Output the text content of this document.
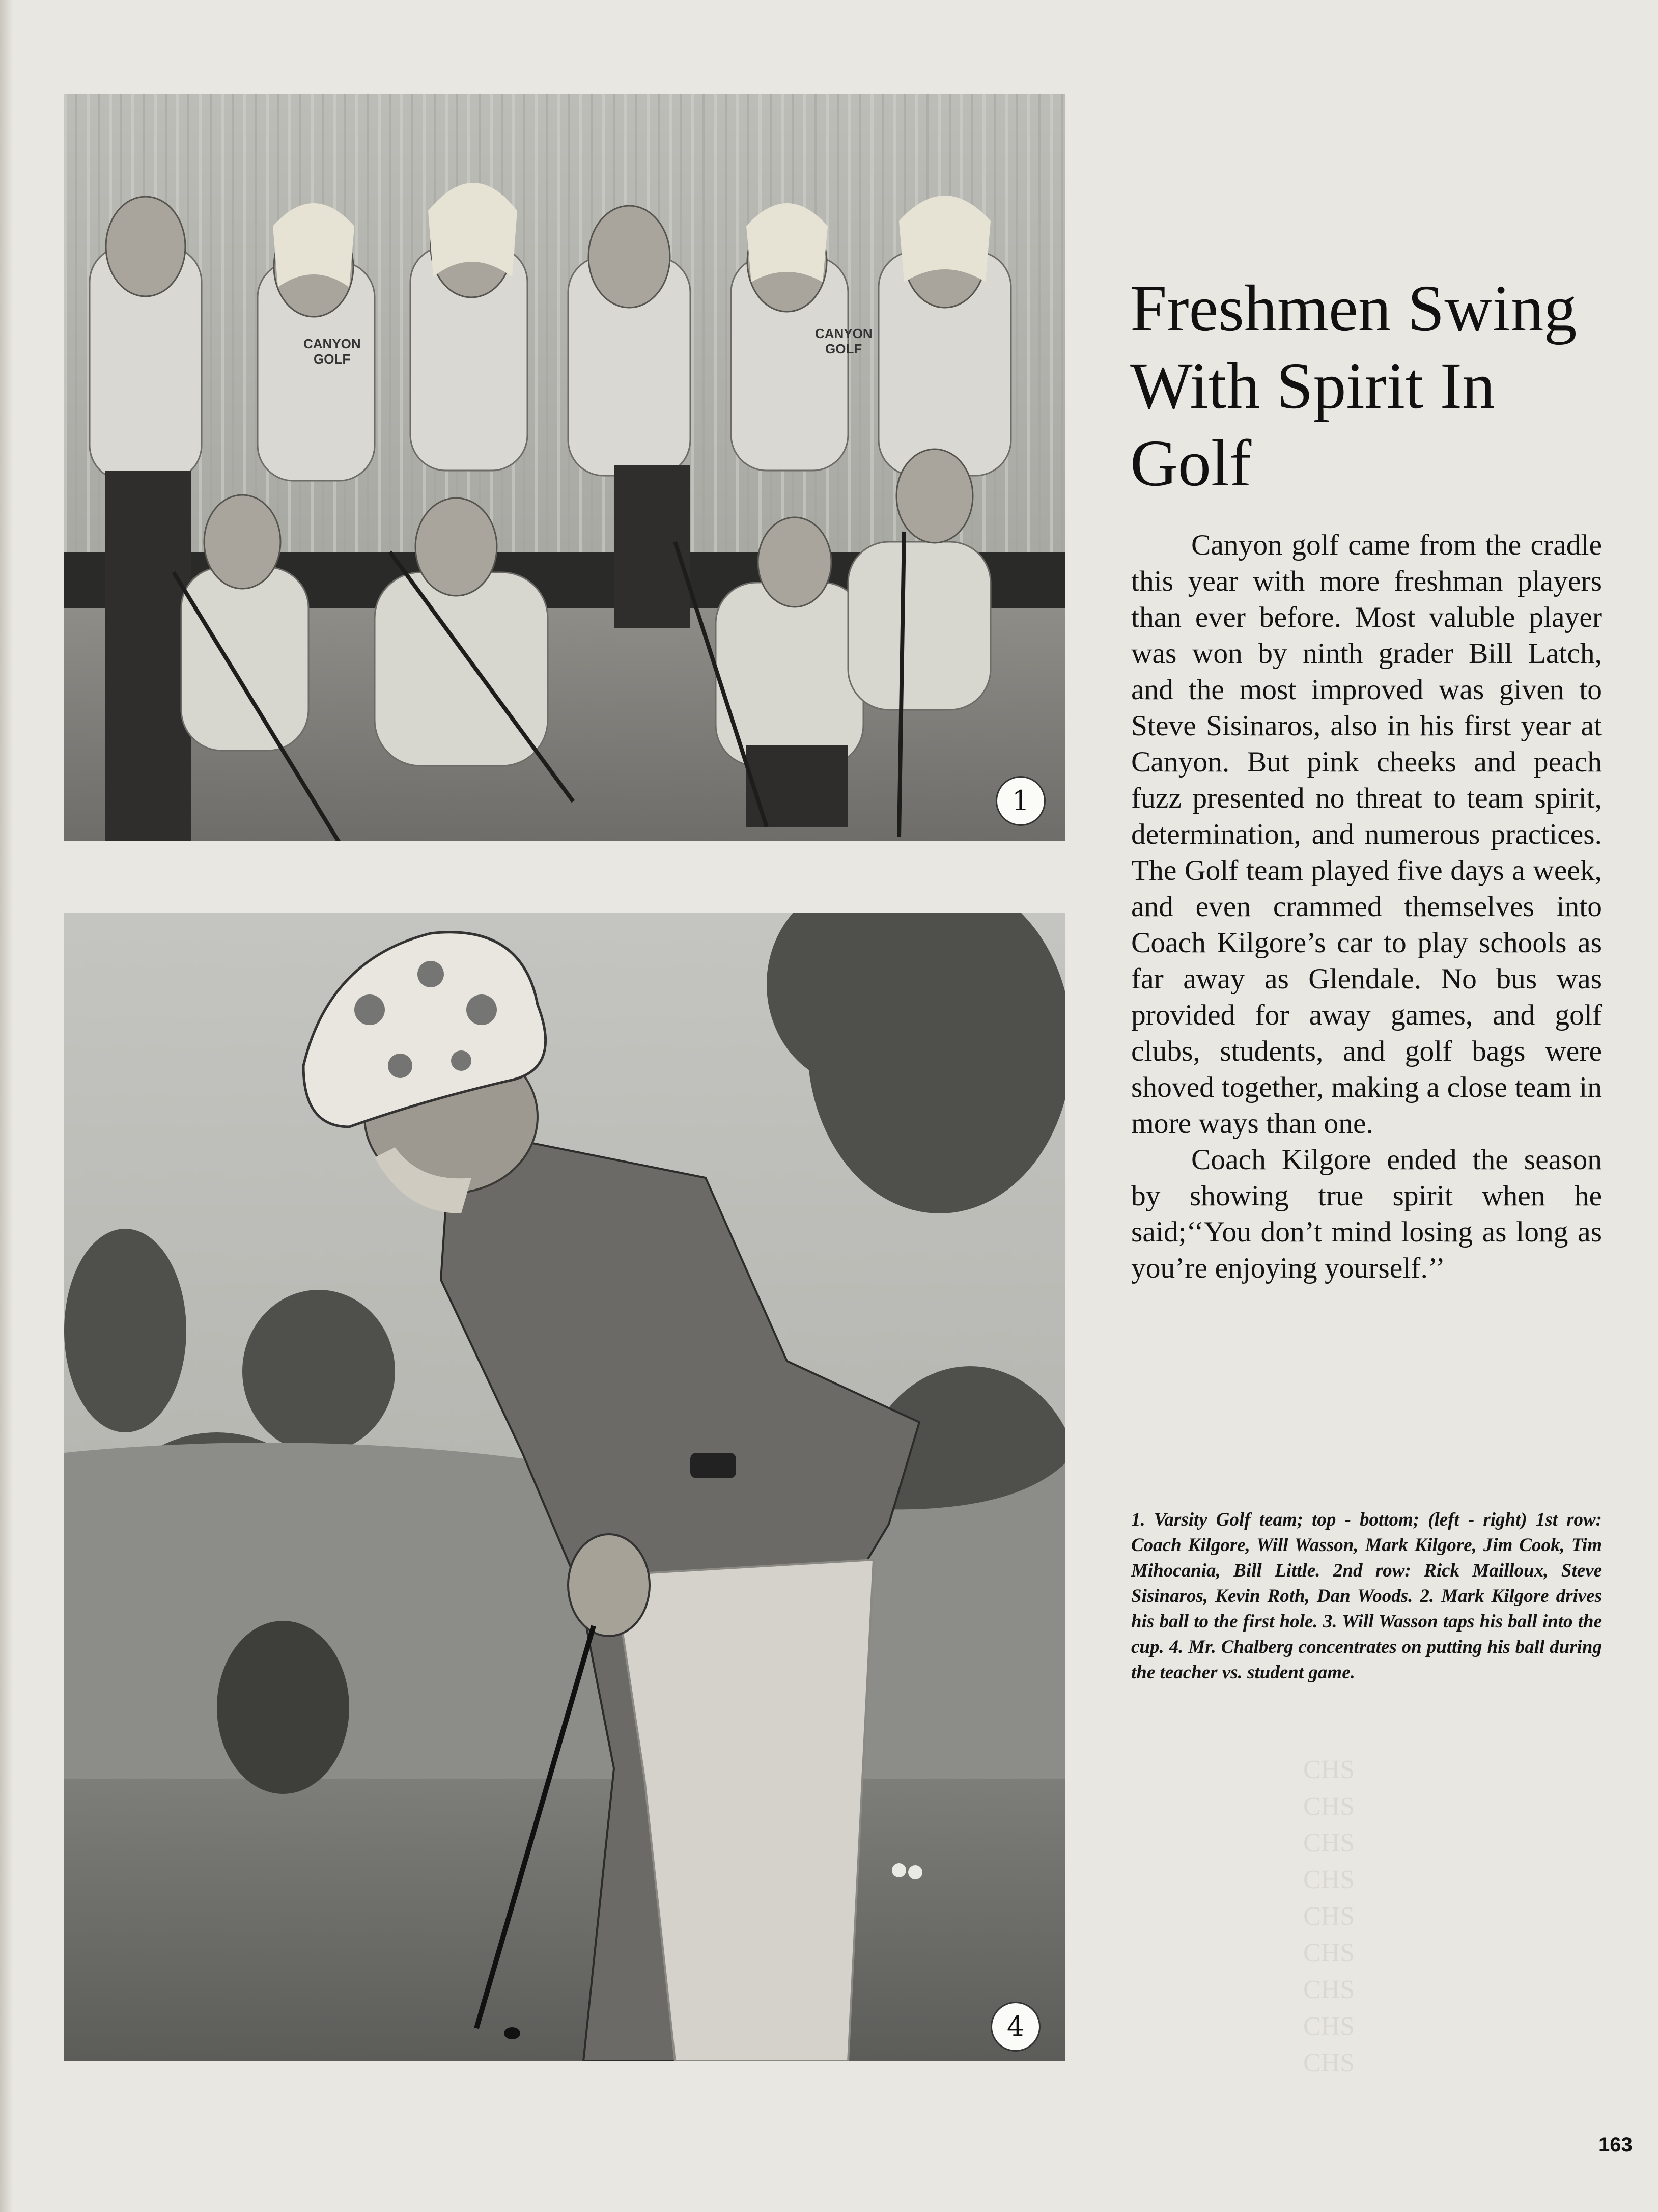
CANYON
GOLF
CANYON
GOLF
1
4
Freshmen Swing
With Spirit In
Golf

Canyon golf came from the cradle this year with more freshman players than ever before. Most valuble player was won by ninth grader Bill Latch, and the most improved was given to Steve Sisinaros, also in his first year at Canyon. But pink cheeks and peach fuzz presented no threat to team spirit, determination, and numerous practices. The Golf team played five days a week, and even crammed themselves into Coach Kilgore’s car to play schools as far away as Glendale. No bus was provided for away games, and golf clubs, students, and golf bags were shoved together, making a close team in more ways than one.

Coach Kilgore ended the season by showing true spirit when he said;‘‘You don’t mind losing as long as you’re enjoying yourself.’’

1. Varsity Golf team; top - bottom; (left - right) 1st row: Coach Kilgore, Will Wasson, Mark Kilgore, Jim Cook, Tim Mihocania, Bill Little. 2nd row: Rick Mailloux, Steve Sisinaros, Kevin Roth, Dan Woods. 2. Mark Kilgore drives his ball to the first hole. 3. Will Wasson taps his ball into the cup. 4. Mr. Chalberg concentrates on putting his ball during the teacher vs. student game.

CHS
CHS
CHS
CHS
CHS
CHS
CHS
CHS
CHS
163
